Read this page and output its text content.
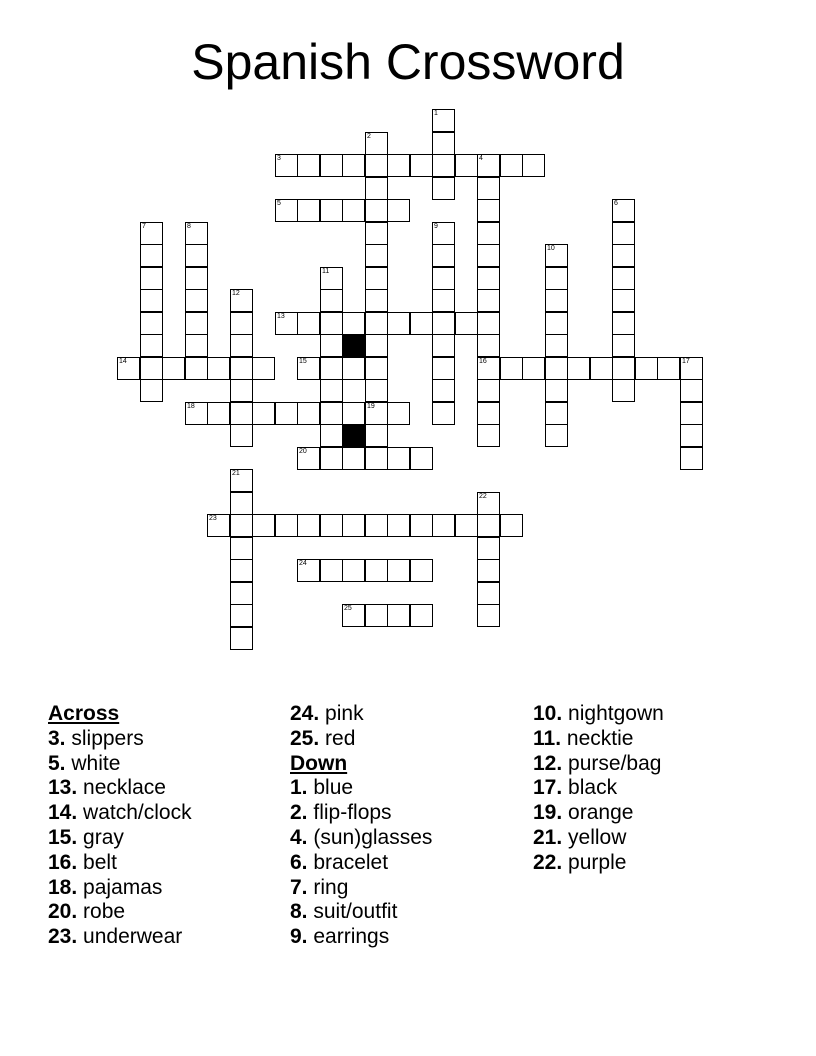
Spanish Crossword
1
2
19
3	4
16
5	6
7	8	9
10
11
12
13
14	15	17
18
20
21
22
23
24
25
Across
3. slippers
5. white
13. necklace
14. watch/clock
15. gray
16. belt
18. pajamas
20. robe
23. underwear
24. pink
25. red
Down
1. blue
2. flip-flops
4. (sun)glasses
6. bracelet
7. ring
8. suit/outfit
9. earrings
10. nightgown
11. necktie
12. purse/bag
17. black
19. orange
21. yellow
22. purple
